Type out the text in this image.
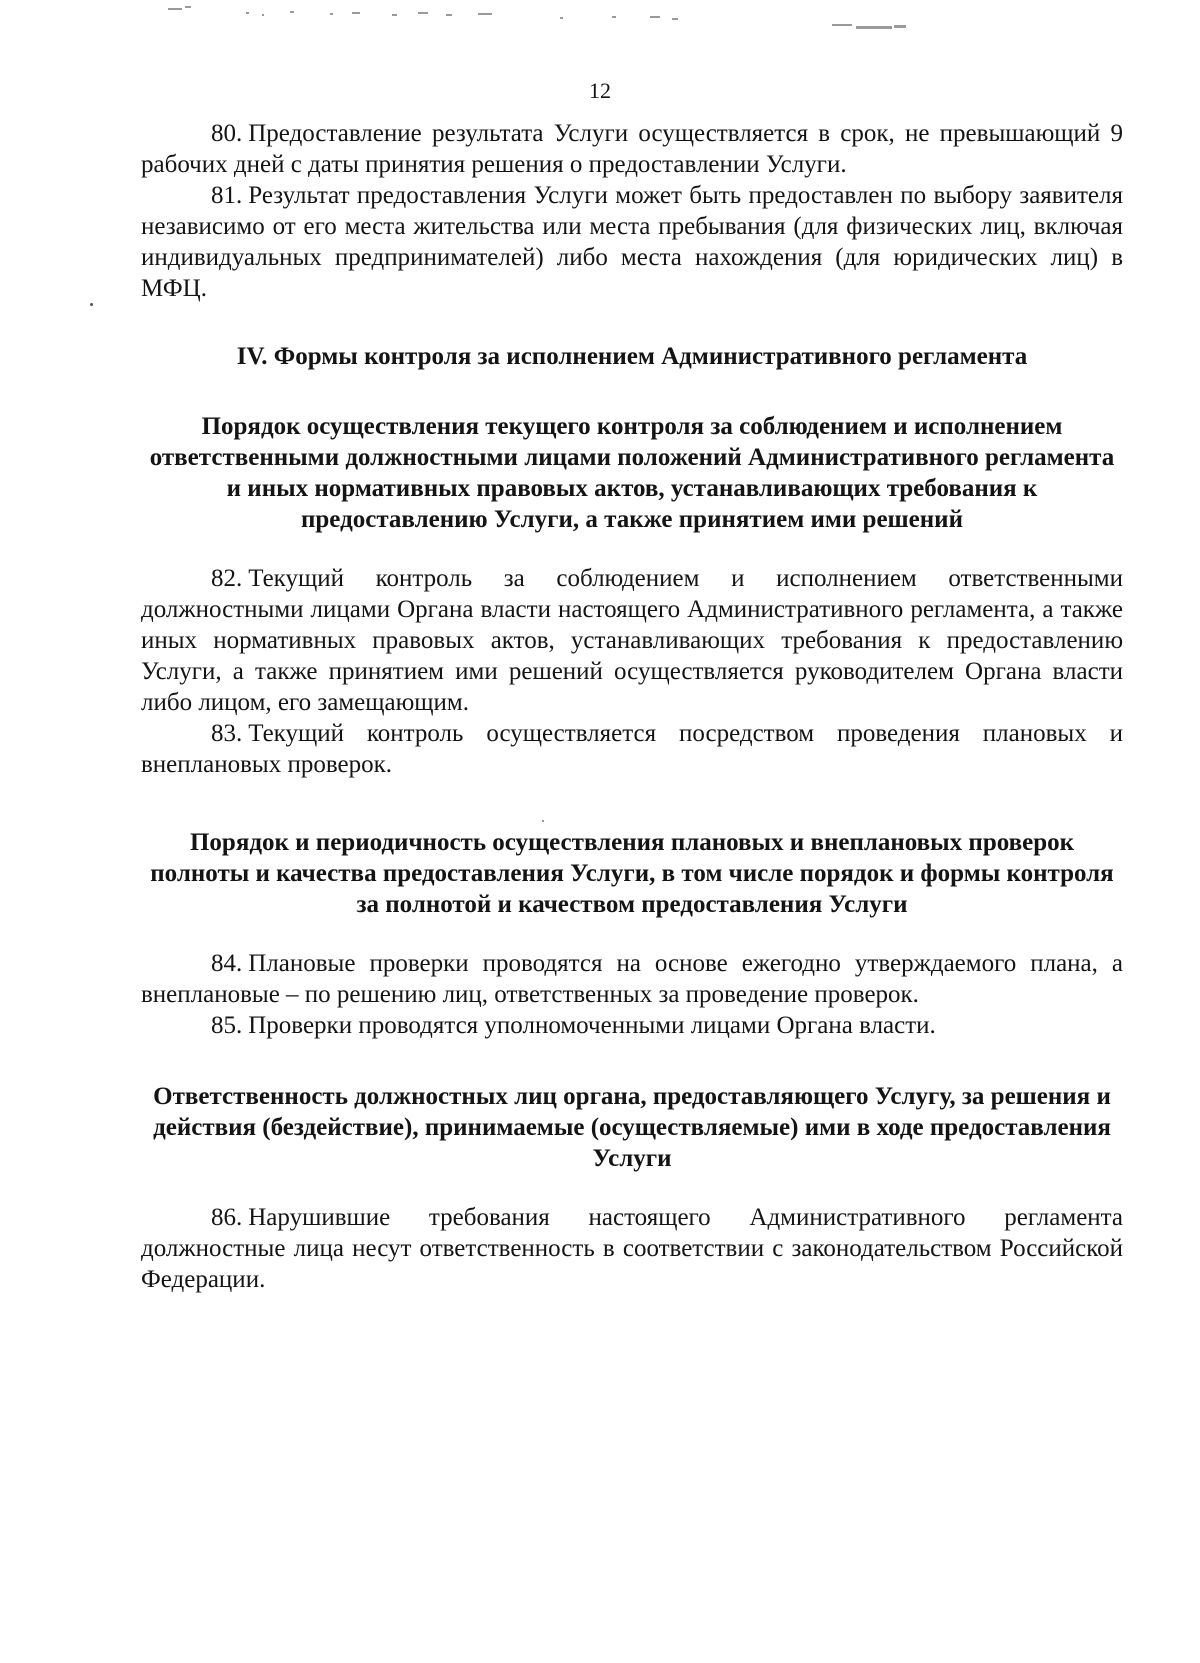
12

80. Предоставление результата Услуги осуществляется в срок, не превышающий 9 рабочих дней с даты принятия решения о предоставлении Услуги.

81. Результат предоставления Услуги может быть предоставлен по выбору заявителя независимо от его места жительства или места пребывания (для физических лиц, включая индивидуальных предпринимателей) либо места нахождения (для юридических лиц) в МФЦ.

IV. Формы контроля за исполнением Административного регламента

Порядок осуществления текущего контроля за соблюдением и исполнением ответственными должностными лицами положений Административного регламента и иных нормативных правовых актов, устанавливающих требования к предоставлению Услуги, а также принятием ими решений

82. Текущий контроль за соблюдением и исполнением ответственными должностными лицами Органа власти настоящего Административного регламента, а также иных нормативных правовых актов, устанавливающих требования к предоставлению Услуги, а также принятием ими решений осуществляется руководителем Органа власти либо лицом, его замещающим.

83. Текущий контроль осуществляется посредством проведения плановых и внеплановых проверок.

Порядок и периодичность осуществления плановых и внеплановых проверок полноты и качества предоставления Услуги, в том числе порядок и формы контроля за полнотой и качеством предоставления Услуги

84. Плановые проверки проводятся на основе ежегодно утверждаемого плана, а внеплановые – по решению лиц, ответственных за проведение проверок.

85. Проверки проводятся уполномоченными лицами Органа власти.

Ответственность должностных лиц органа, предоставляющего Услугу, за решения и действия (бездействие), принимаемые (осуществляемые) ими в ходе предоставления Услуги

86. Нарушившие требования настоящего Административного регламента должностные лица несут ответственность в соответствии с законодательством Российской Федерации.
